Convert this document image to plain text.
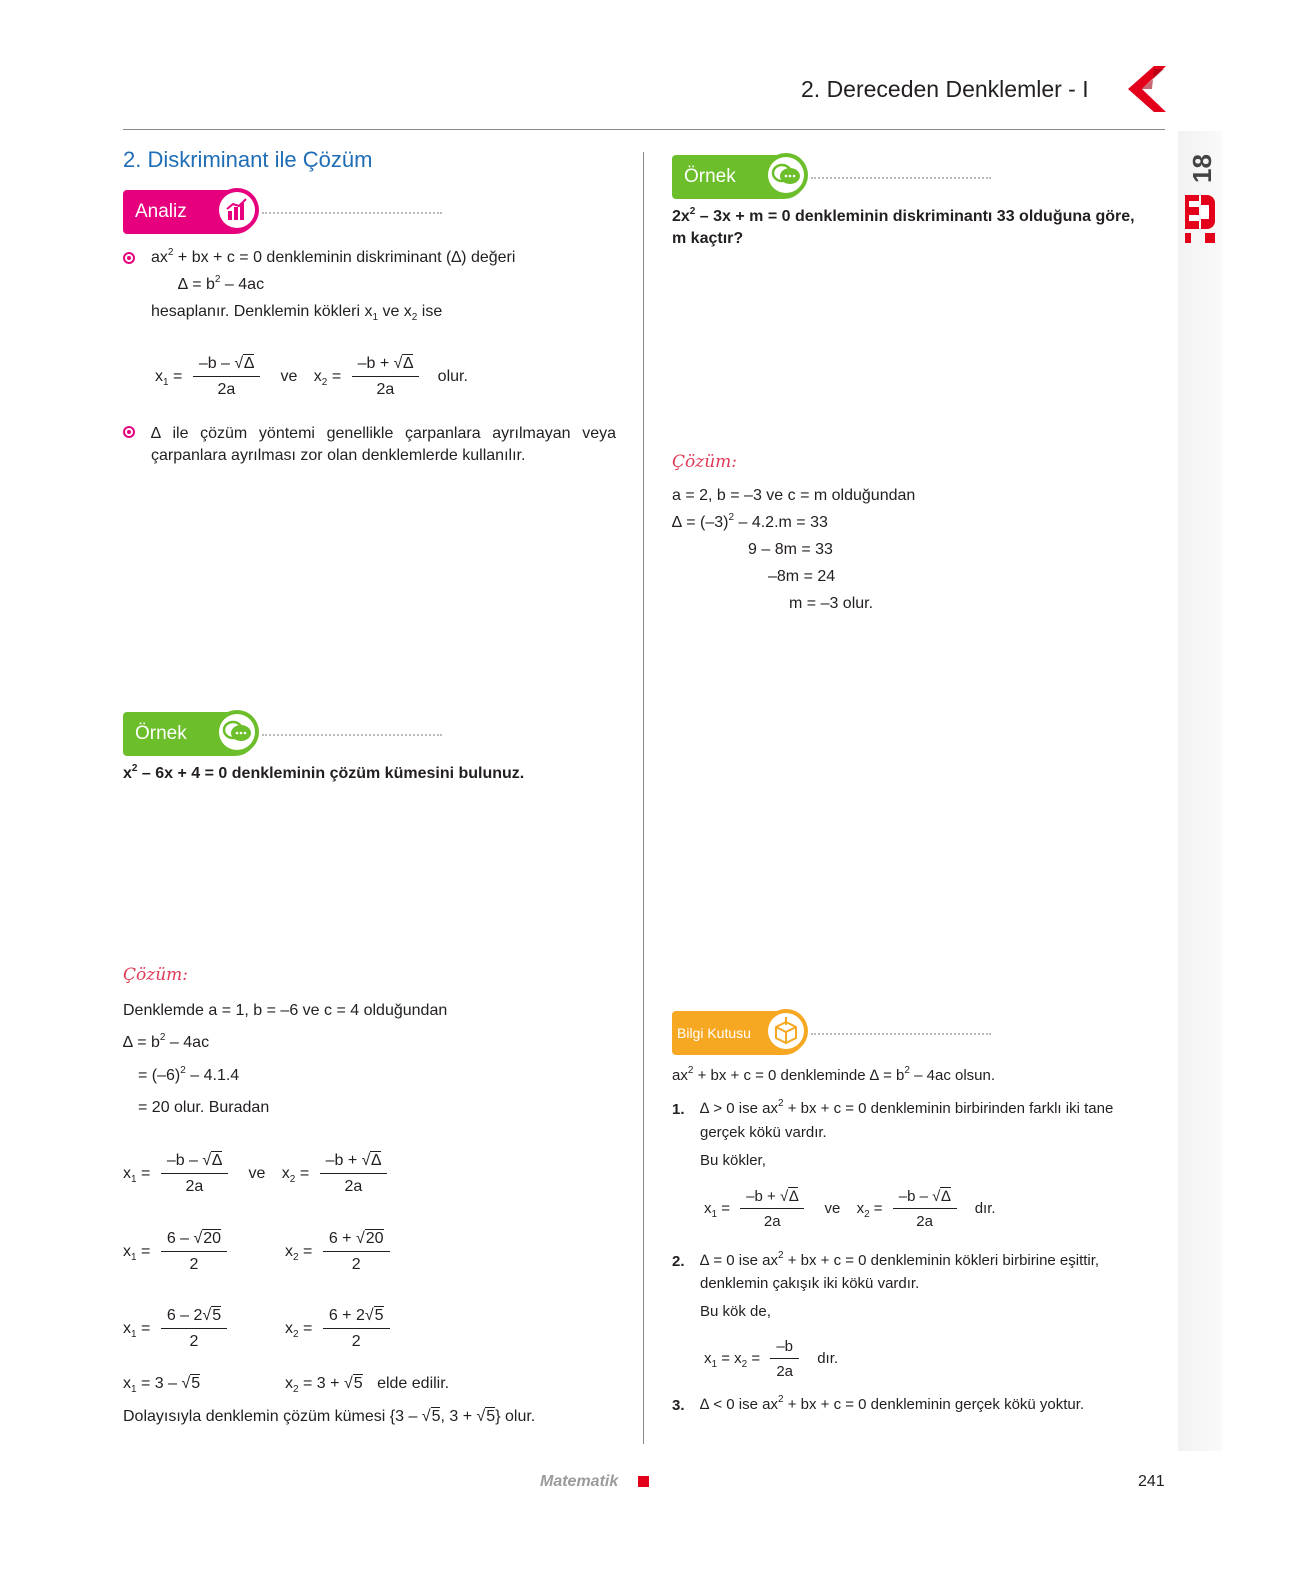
2. Dereceden Denklemler - I
18
2. Diskriminant ile Çözüm
Analiz
$ax^2$ + bx + c = 0 denkleminin diskriminant (∆) değeri
∆ = $b^2 - 4ac$
hesaplanır. Denklemin kökleri $x_1$ ve $x_2$ ise
$x_1 = \frac{-b - √\Delta}{2a}$ ve $x_2 = \frac{-b + √\Delta}{2a}$ olur.
∆ ile çözüm yöntemi genellikle çarpanlara ayrılmayan veya çarpanlara ayrılması zor olan denklemlerde kullanılır.
Örnek
$x^2 - 6x + 4 = 0$ denkleminin çözüm kümesini bulunuz.
Çözüm:
Denklemde a = 1, b = –6 ve c = 4 olduğundan
∆ = $b^2 - 4ac$
= $(-6)^2 - 4.1.4$
= 20 olur. Buradan
$x_1 = \frac{-b - √\Delta}{2a}$ ve $x_2 = \frac{-b + √\Delta}{2a}$
$x_1 = \frac{6 - √20}{2}$	$x_2 = \frac{6 + √20}{2}$
$x_1 = \frac{6 - 2√5}{2}$	$x_2 = \frac{6 + 2√5}{2}$
$x_1 = 3 - √5$	$x_2 = 3 + √5$ elde edilir.
Dolayısıyla denklemin çözüm kümesi {3 – √5, 3 + √5} olur.
Örnek
$2x^2 - 3x + m = 0$ denkleminin diskriminantı 33 olduğuna göre,
m kaçtır?
Çözüm:
a = 2, b = –3 ve c = m olduğundan
∆ = $(-3)^2 - 4.2.m = 33$
9 – 8m = 33
–8m = 24
m = –3 olur.
Bilgi Kutusu
$ax^2$ + bx + c = 0 denkleminde ∆ = $b^2 - 4ac$ olsun.
1. ∆ > 0 ise $ax^2$ + bx + c = 0 denkleminin birbirinden farklı iki tane
gerçek kökü vardır.
Bu kökler,
$x_1 = \frac{-b + √\Delta}{2a}$ ve $x_2 = \frac{-b - √\Delta}{2a}$ dır.
2. ∆ = 0 ise $ax^2$ + bx + c = 0 denkleminin kökleri birbirine eşittir,
denklemin çakışık iki kökü vardır.
Bu kök de,
$x_1 = x_2 = \frac{-b}{2a}$ dır.
3. ∆ < 0 ise $ax^2$ + bx + c = 0 denkleminin gerçek kökü yoktur.
Matematik	241
